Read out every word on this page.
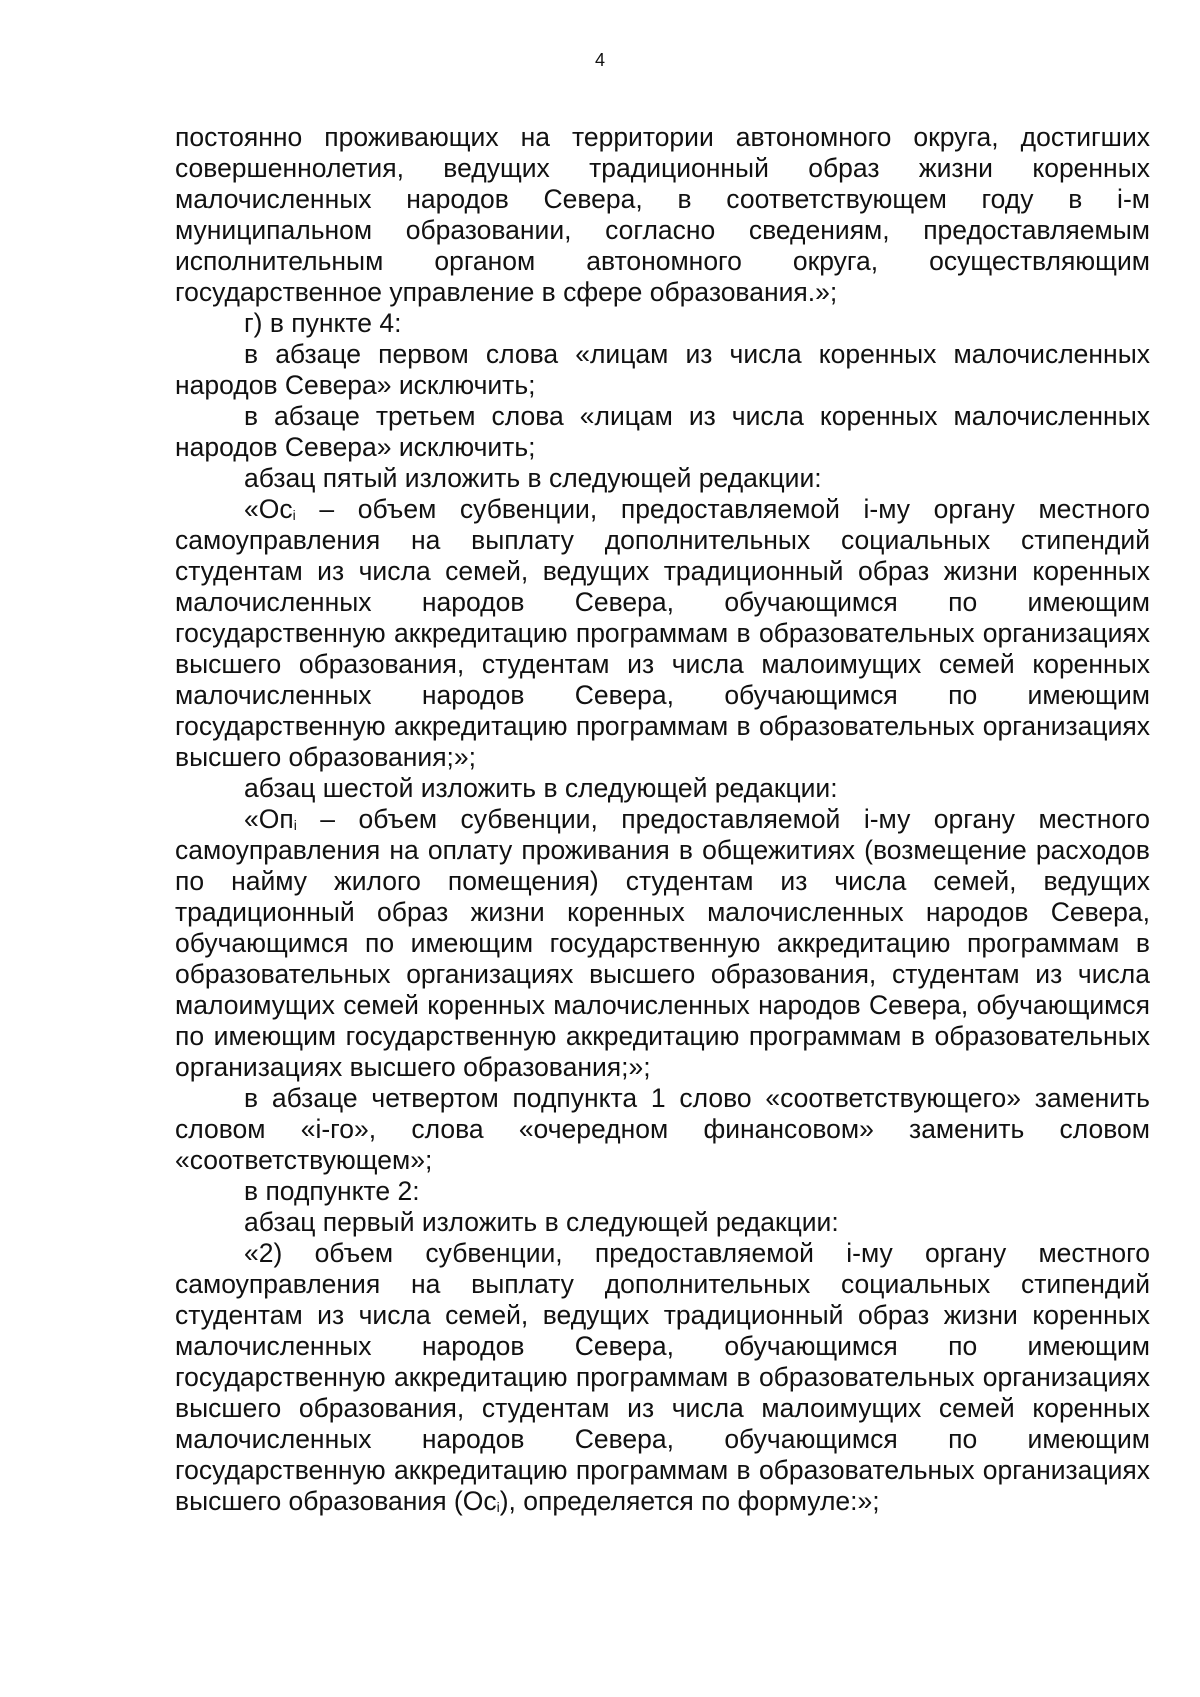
4

постоянно проживающих на территории автономного округа, достигших совершеннолетия, ведущих традиционный образ жизни коренных малочисленных народов Севера, в соответствующем году в i-м муниципальном образовании, согласно сведениям, предоставляемым исполнительным органом автономного округа, осуществляющим государственное управление в сфере образования.»;

г) в пункте 4:

в абзаце первом слова «лицам из числа коренных малочисленных народов Севера» исключить;

в абзаце третьем слова «лицам из числа коренных малочисленных народов Севера» исключить;

абзац пятый изложить в следующей редакции:

«$Ос_i$ – объем субвенции, предоставляемой i-му органу местного самоуправления на выплату дополнительных социальных стипендий студентам из числа семей, ведущих традиционный образ жизни коренных малочисленных народов Севера, обучающимся по имеющим государственную аккредитацию программам в образовательных организациях высшего образования, студентам из числа малоимущих семей коренных малочисленных народов Севера, обучающимся по имеющим государственную аккредитацию программам в образовательных организациях высшего образования;»;

абзац шестой изложить в следующей редакции:

«$Оп_i$ – объем субвенции, предоставляемой i-му органу местного самоуправления на оплату проживания в общежитиях (возмещение расходов по найму жилого помещения) студентам из числа семей, ведущих традиционный образ жизни коренных малочисленных народов Севера, обучающимся по имеющим государственную аккредитацию программам в образовательных организациях высшего образования, студентам из числа малоимущих семей коренных малочисленных народов Севера, обучающимся по имеющим государственную аккредитацию программам в образовательных организациях высшего образования;»;

в абзаце четвертом подпункта 1 слово «соответствующего» заменить словом «i-го», слова «очередном финансовом» заменить словом «соответствующем»;

в подпункте 2:

абзац первый изложить в следующей редакции:

«2) объем субвенции, предоставляемой i-му органу местного самоуправления на выплату дополнительных социальных стипендий студентам из числа семей, ведущих традиционный образ жизни коренных малочисленных народов Севера, обучающимся по имеющим государственную аккредитацию программам в образовательных организациях высшего образования, студентам из числа малоимущих семей коренных малочисленных народов Севера, обучающимся по имеющим государственную аккредитацию программам в образовательных организациях высшего образования $(Ос_i)$, определяется по формуле:»;
